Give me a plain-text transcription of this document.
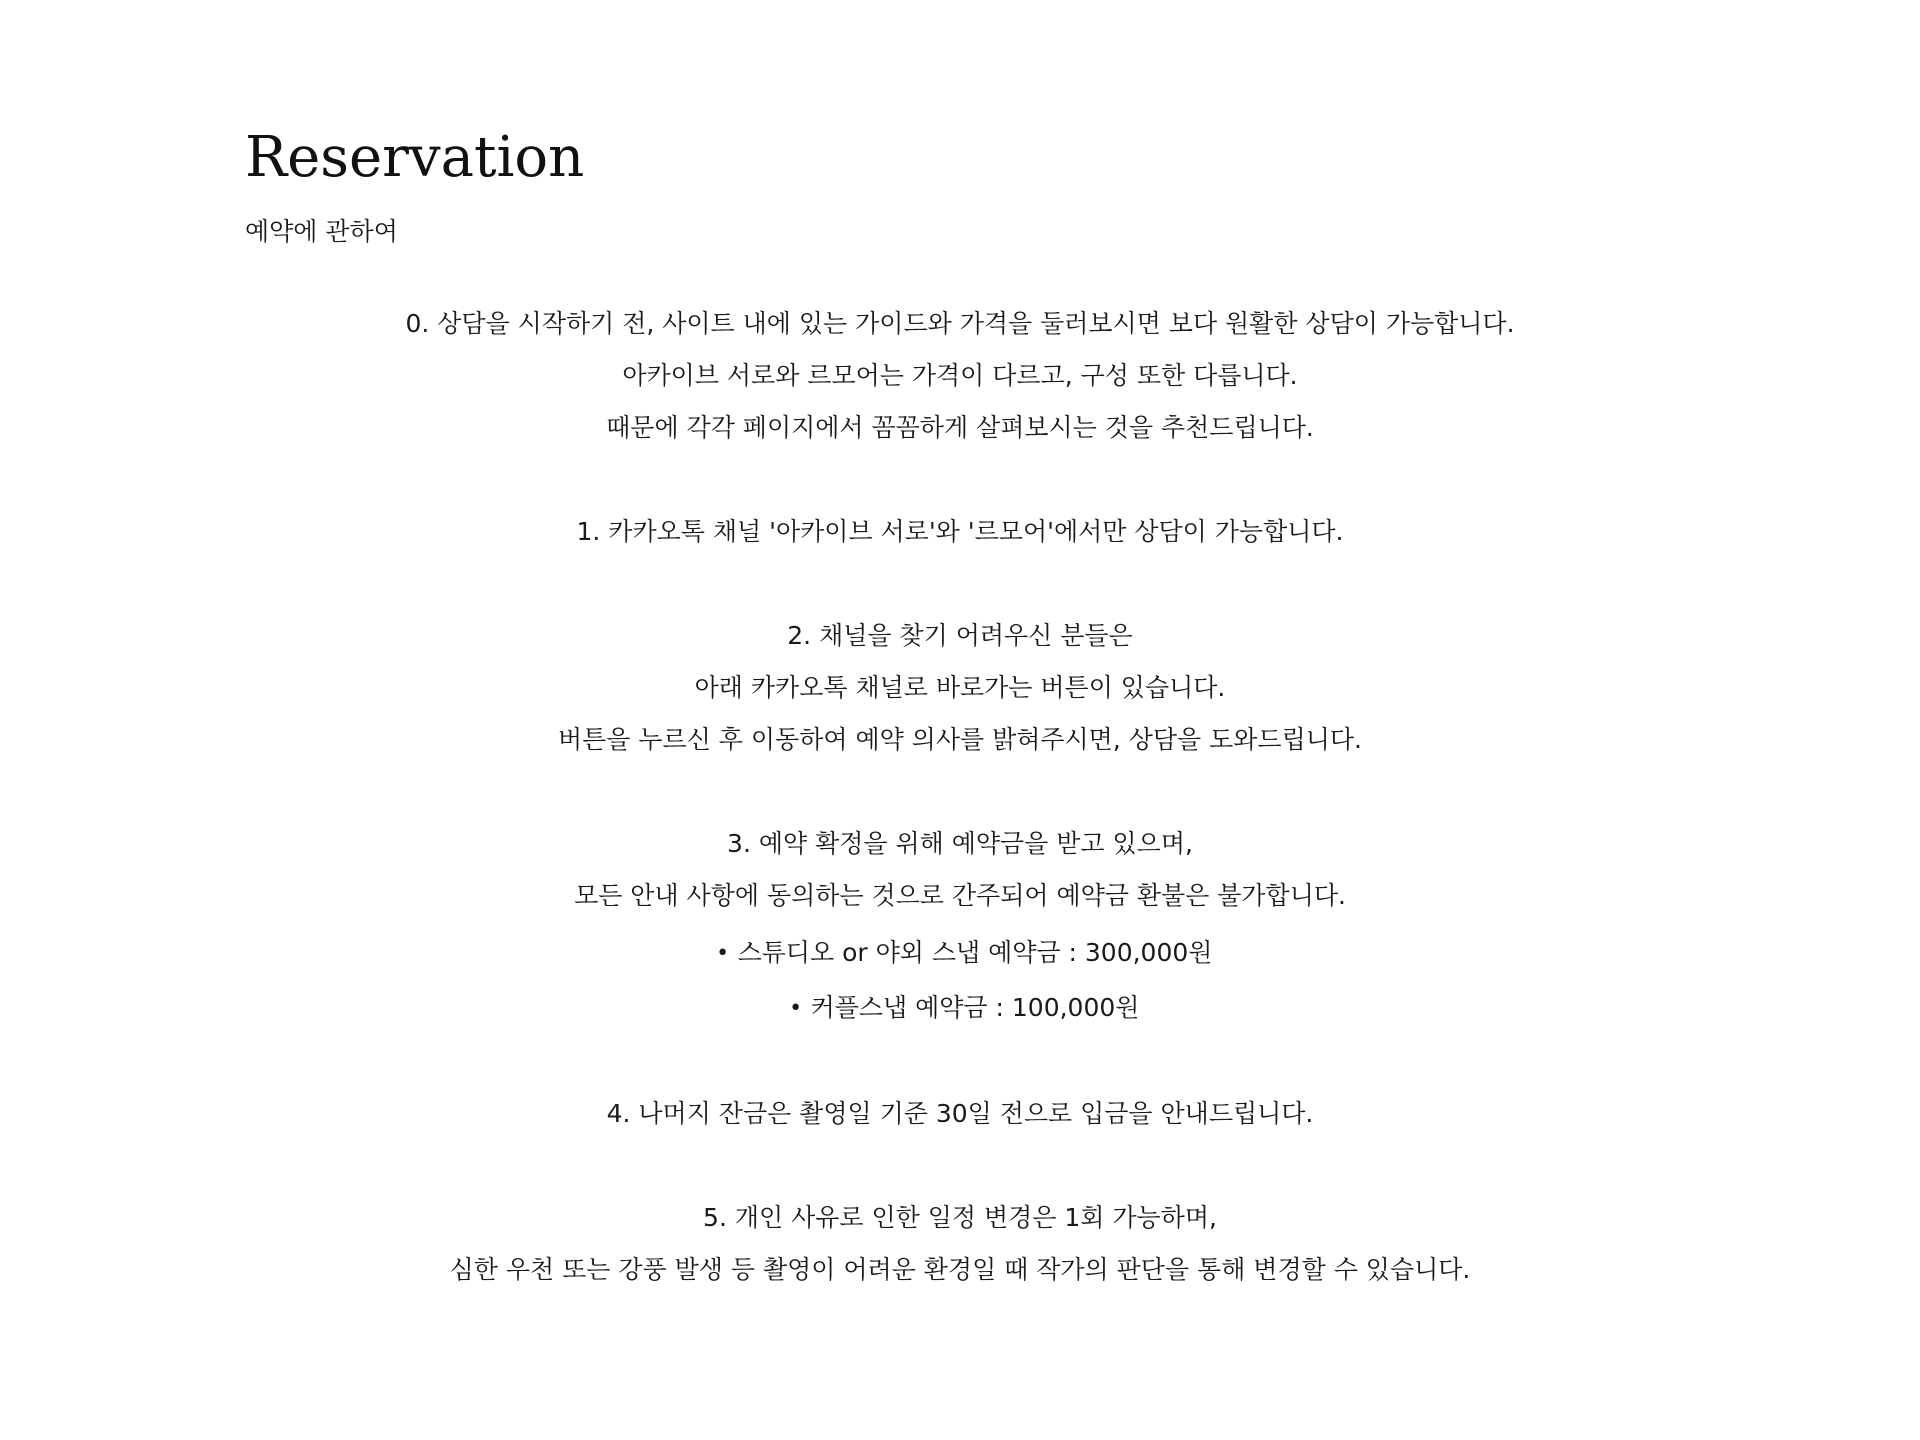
Reservation

예약에 관하여

0. 상담을 시작하기 전, 사이트 내에 있는 가이드와 가격을 둘러보시면 보다 원활한 상담이 가능합니다.
아카이브 서로와 르모어는 가격이 다르고, 구성 또한 다릅니다.
때문에 각각 페이지에서 꼼꼼하게 살펴보시는 것을 추천드립니다.
1. 카카오톡 채널 '아카이브 서로'와 '르모어'에서만 상담이 가능합니다.
2. 채널을 찾기 어려우신 분들은
아래 카카오톡 채널로 바로가는 버튼이 있습니다.
버튼을 누르신 후 이동하여 예약 의사를 밝혀주시면, 상담을 도와드립니다.
3. 예약 확정을 위해 예약금을 받고 있으며,
모든 안내 사항에 동의하는 것으로 간주되어 예약금 환불은 불가합니다.
• 스튜디오 or 야외 스냅 예약금 : 300,000원
• 커플스냅 예약금 : 100,000원
4. 나머지 잔금은 촬영일 기준 30일 전으로 입금을 안내드립니다.
5. 개인 사유로 인한 일정 변경은 1회 가능하며,
심한 우천 또는 강풍 발생 등 촬영이 어려운 환경일 때 작가의 판단을 통해 변경할 수 있습니다.
